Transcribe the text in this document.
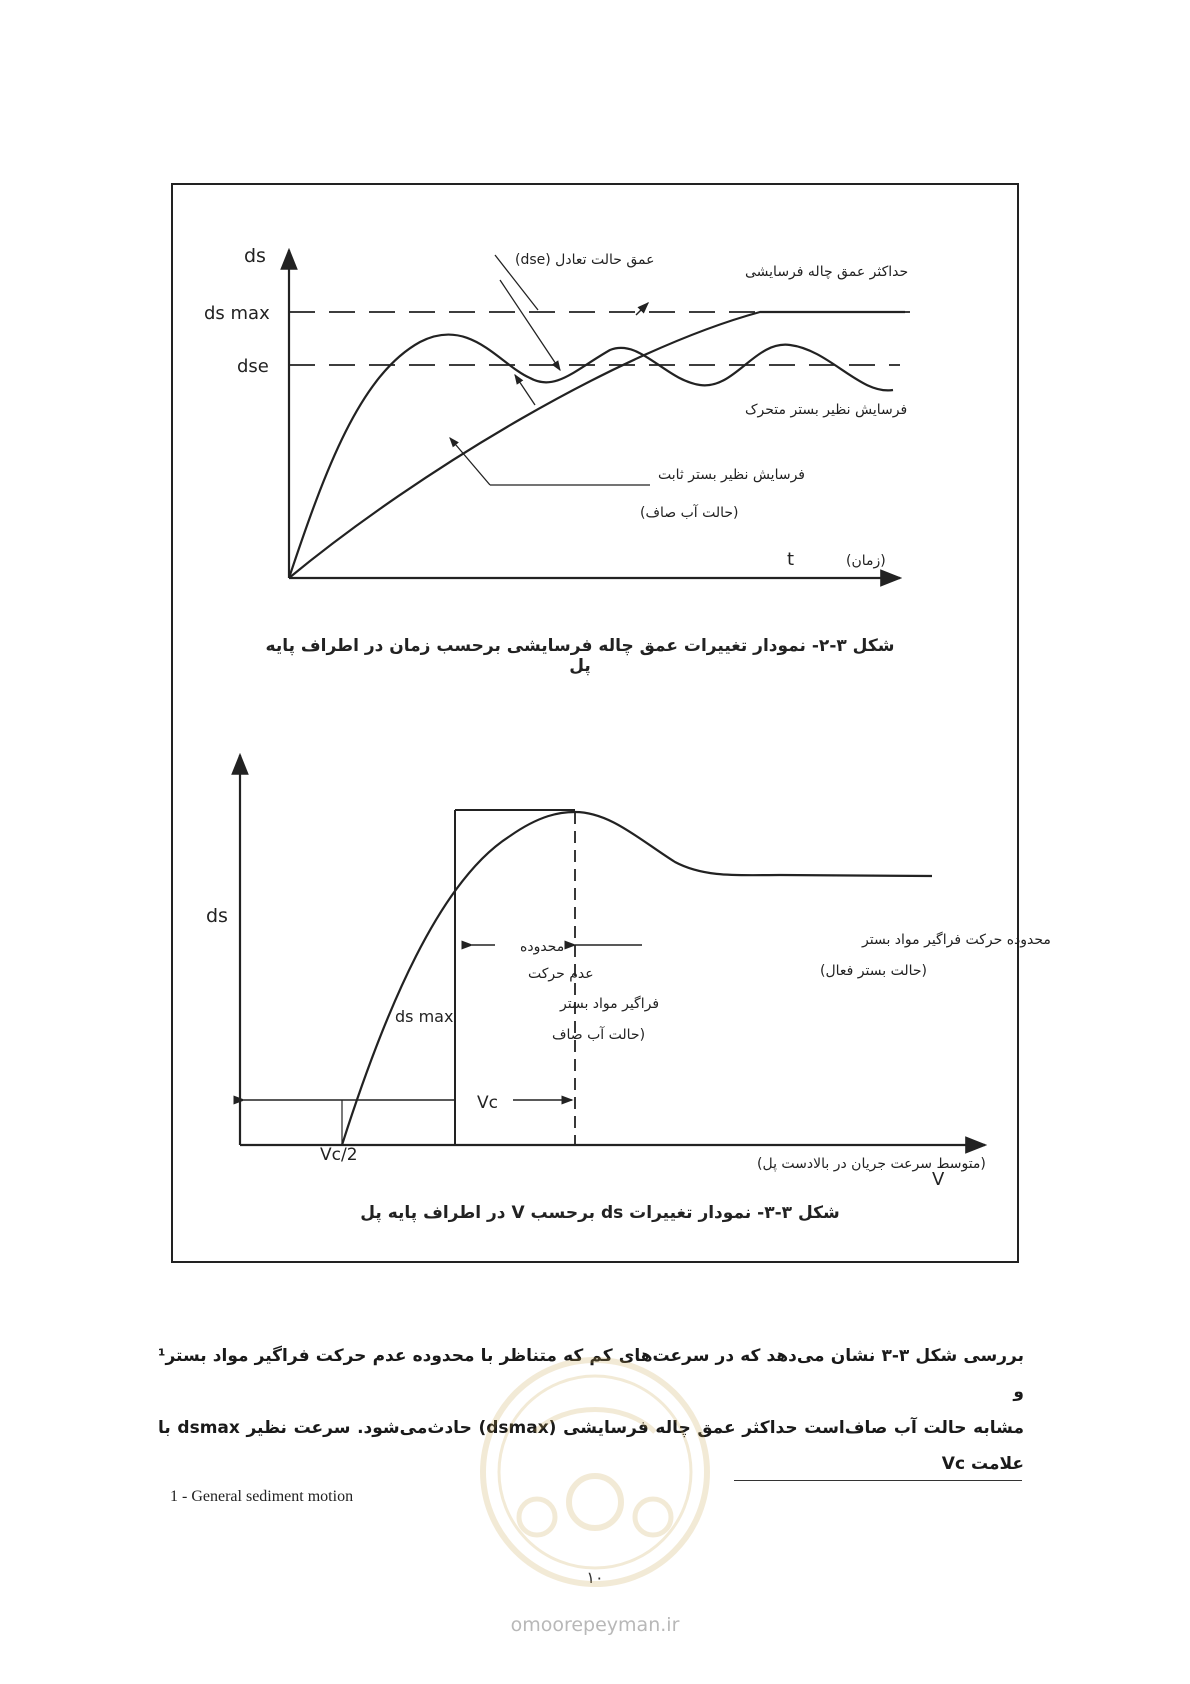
ds
ds max
dse
t	(زمان)
عمق حالت تعادل (dse)
حداکثر عمق چاله فرسایشی
فرسایش نظیر بستر متحرک
فرسایش نظیر بستر ثابت
(حالت آب صاف)
ds
V
(متوسط سرعت جریان در بالادست پل)
Vc/2
Vc
ds max
محدوده
عدم حرکت
فراگیر مواد بستر
(حالت آب صاف
محدوده حرکت فراگیر مواد بستر
(حالت بستر فعال)
شکل ۳-۲- نمودار تغییرات عمق چاله فرسایشی برحسب زمان در اطراف پایه پل
شکل ۳-۳- نمودار تغییرات ds برحسب V در اطراف پایه پل

بررسی شکل ۳-۳ نشان می‌دهد که در سرعت‌های کم که متناظر با محدوده عدم حرکت فراگیر مواد بستر¹ و

مشابه حالت آب صاف‌است حداکثر عمق چاله فرسایشی (dsmax) حادث‌می‌شود. سرعت نظیر dsmax با علامت Vc

1 - General sediment motion
۱۰
omoorepeyman.ir
